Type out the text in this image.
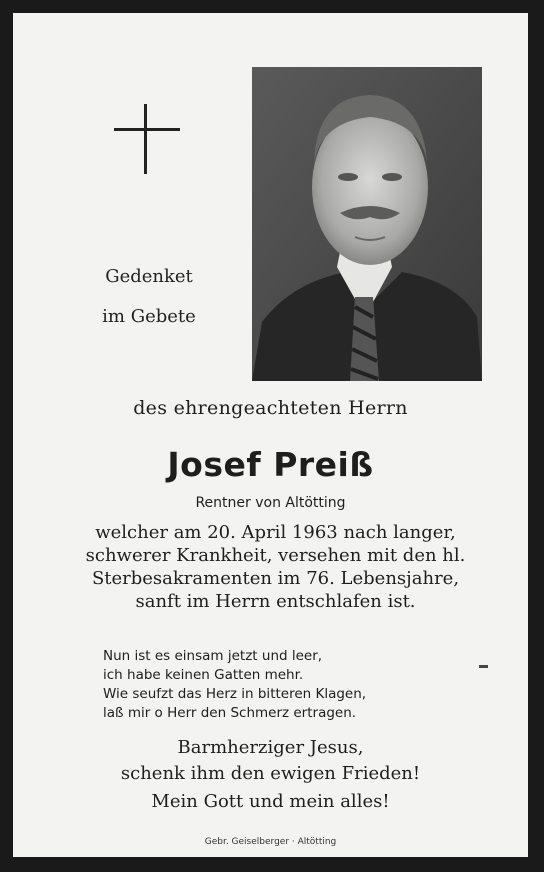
Gedenket
im Gebete
des ehrengeachteten Herrn
Josef Preiß
Rentner von Altötting
welcher am 20. April 1963 nach langer,
schwerer Krankheit, versehen mit den hl.
Sterbesakramenten im 76. Lebensjahre,
sanft im Herrn entschlafen ist.
Nun ist es einsam jetzt und leer,
ich habe keinen Gatten mehr.
Wie seufzt das Herz in bitteren Klagen,
laß mir o Herr den Schmerz ertragen.
Barmherziger Jesus,
schenk ihm den ewigen Frieden!
Mein Gott und mein alles!
Gebr. Geiselberger · Altötting
